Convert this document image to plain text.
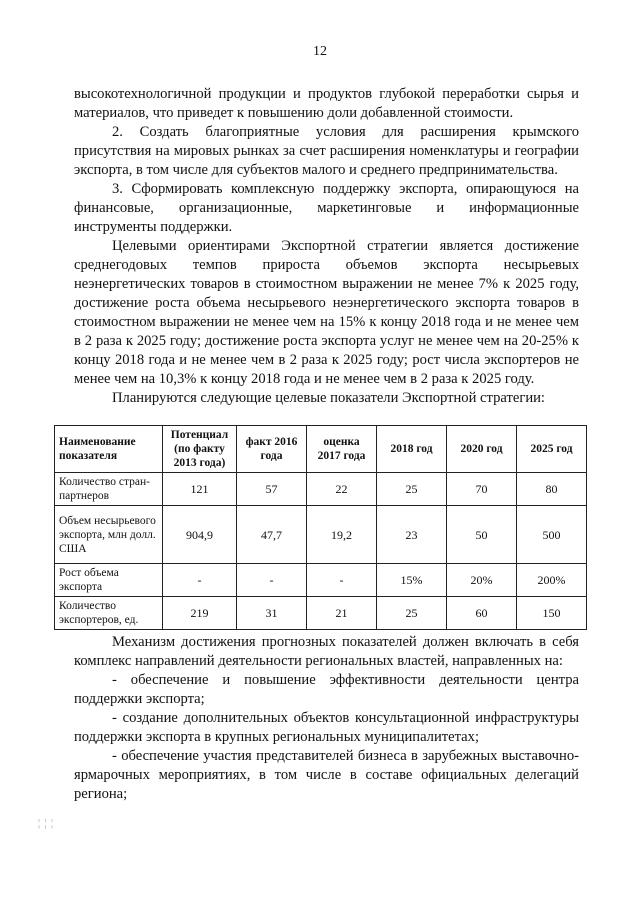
12

высокотехнологичной продукции и продуктов глубокой переработки сырья и материалов, что приведет к повышению доли добавленной стоимости.

2. Создать благоприятные условия для расширения крымского присутствия на мировых рынках за счет расширения номенклатуры и географии экспорта, в том числе для субъектов малого и среднего предпринимательства.

3. Сформировать комплексную поддержку экспорта, опирающуюся на финансовые, организационные, маркетинговые и информационные инструменты поддержки.

Целевыми ориентирами Экспортной стратегии является достижение среднегодовых темпов прироста объемов экспорта несырьевых неэнергетических товаров в стоимостном выражении не менее 7% к 2025 году, достижение роста объема несырьевого неэнергетического экспорта товаров в стоимостном выражении не менее чем на 15% к концу 2018 года и не менее чем в 2 раза к 2025 году; достижение роста экспорта услуг не менее чем на 20-25% к концу 2018 года и не менее чем в 2 раза к 2025 году; рост числа экспортеров не менее чем на 10,3% к концу 2018 года и не менее чем в 2 раза к 2025 году.

Планируются следующие целевые показатели Экспортной стратегии:

Наименование показателя	Потенциал (по факту 2013 года)	факт 2016 года	оценка 2017 года	2018 год	2020 год	2025 год
Количество стран-партнеров	121	57	22	25	70	80
Объем несырьевого экспорта, млн долл. США	904,9	47,7	19,2	23	50	500
Рост объема экспорта	-	-	-	15%	20%	200%
Количество экспортеров, ед.	219	31	21	25	60	150

Механизм достижения прогнозных показателей должен включать в себя комплекс направлений деятельности региональных властей, направленных на:

- обеспечение и повышение эффективности деятельности центра поддержки экспорта;

- создание дополнительных объектов консультационной инфраструктуры поддержки экспорта в крупных региональных муниципалитетах;

- обеспечение участия представителей бизнеса в зарубежных выставочно-ярмарочных мероприятиях, в том числе в составе официальных делегаций региона;

¦ ¦ ¦
